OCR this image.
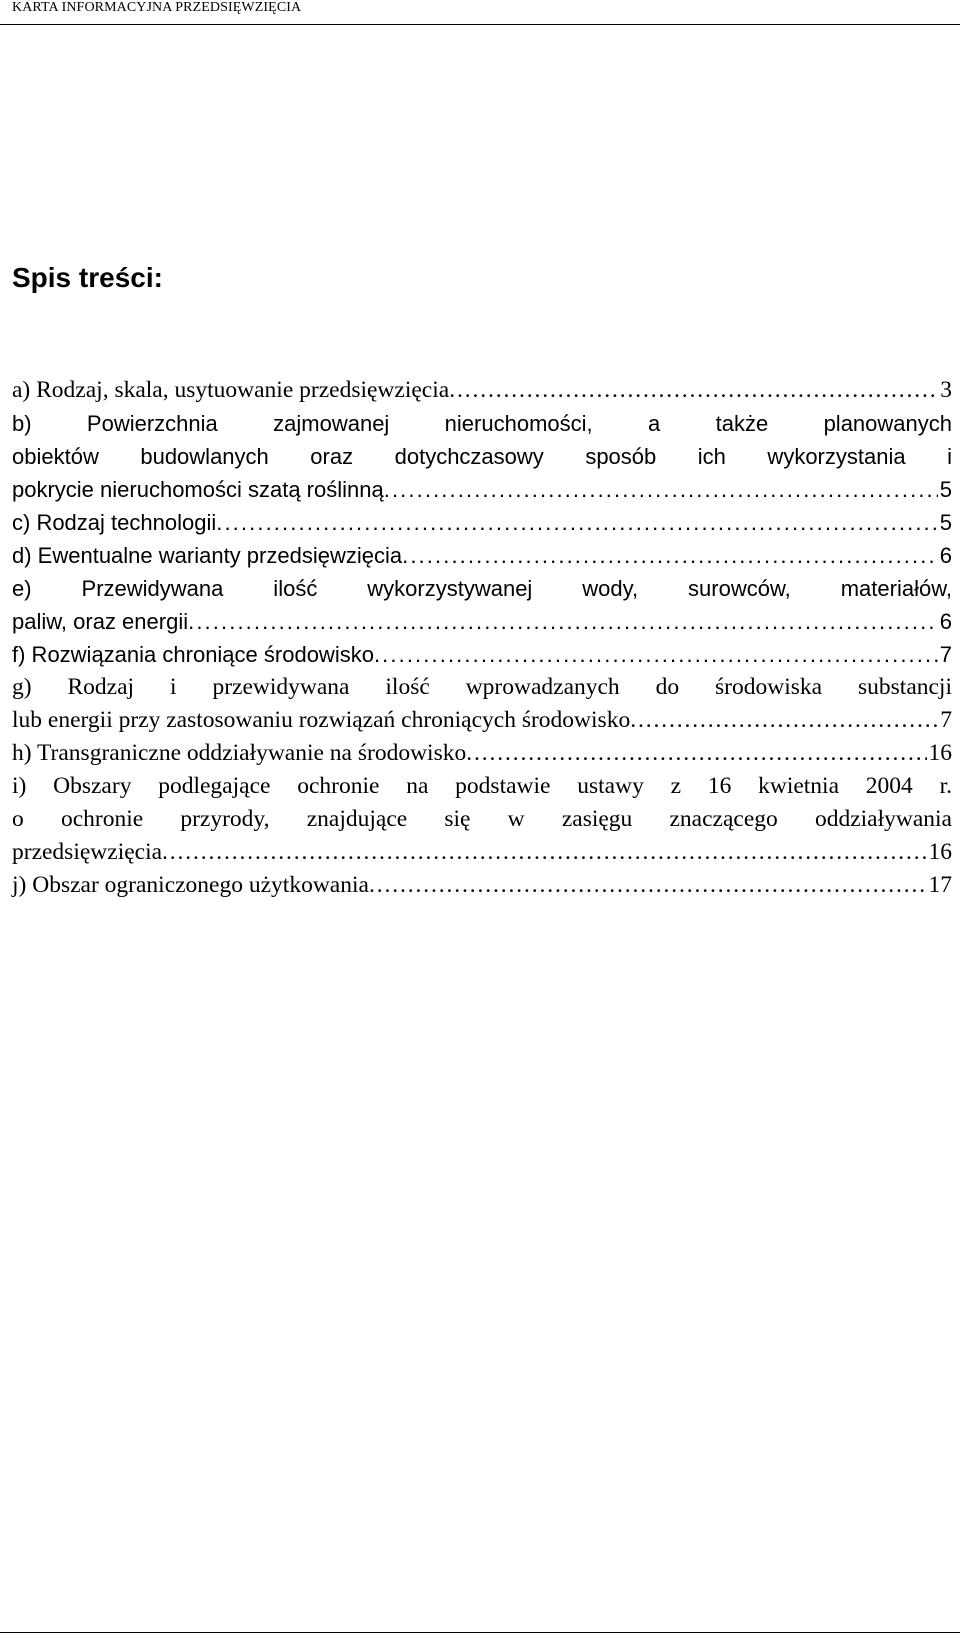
KARTA INFORMACYJNA PRZEDSIĘWZIĘCIA
Spis treści:
a) Rodzaj, skala, usytuowanie przedsięwzięcia . . .	3
b) Powierzchnia zajmowanej nieruchomości, a także planowanych
obiektów budowlanych oraz dotychczasowy sposób ich wykorzystania i
pokrycie nieruchomości szatą roślinną . . .	5
c) Rodzaj technologii . . .	5
d) Ewentualne warianty przedsięwzięcia . . .	6
e) Przewidywana ilość wykorzystywanej wody, surowców, materiałów,
paliw, oraz energii . . .	6
f) Rozwiązania chroniące środowisko . . .	7
g) Rodzaj i przewidywana ilość wprowadzanych do środowiska substancji
lub energii przy zastosowaniu rozwiązań chroniących środowisko . . .	7
h) Transgraniczne oddziaływanie na środowisko . . .	16
i) Obszary podlegające ochronie na podstawie ustawy z 16 kwietnia 2004 r.
o ochronie przyrody, znajdujące się w zasięgu znaczącego oddziaływania
przedsięwzięcia . . .	16
j) Obszar ograniczonego użytkowania . . .	17
